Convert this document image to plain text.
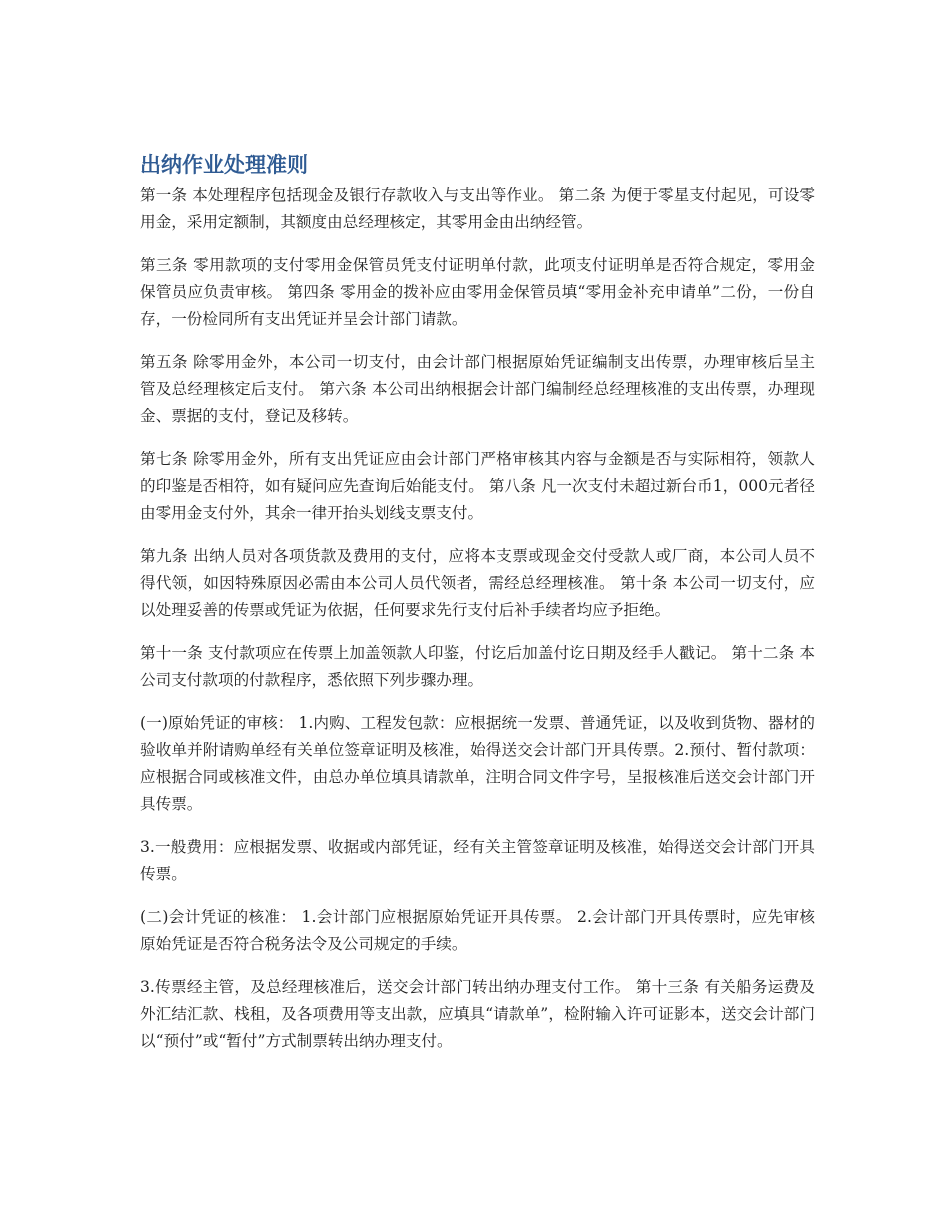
出纳作业处理准则

第一条 本处理程序包括现金及银行存款收入与支出等作业。 第二条 为便于零星支付起见，可设零用金，采用定额制，其额度由总经理核定，其零用金由出纳经管。

第三条 零用款项的支付零用金保管员凭支付证明单付款，此项支付证明单是否符合规定，零用金保管员应负责审核。 第四条 零用金的拨补应由零用金保管员填“零用金补充申请单”二份，一份自存，一份检同所有支出凭证并呈会计部门请款。

第五条 除零用金外，本公司一切支付，由会计部门根据原始凭证编制支出传票，办理审核后呈主管及总经理核定后支付。 第六条 本公司出纳根据会计部门编制经总经理核准的支出传票，办理现金、票据的支付，登记及移转。

第七条 除零用金外，所有支出凭证应由会计部门严格审核其内容与金额是否与实际相符，领款人的印鉴是否相符，如有疑问应先查询后始能支付。 第八条 凡一次支付未超过新台币1，000元者径由零用金支付外，其余一律开抬头划线支票支付。

第九条 出纳人员对各项货款及费用的支付，应将本支票或现金交付受款人或厂商，本公司人员不得代领，如因特殊原因必需由本公司人员代领者，需经总经理核准。 第十条 本公司一切支付，应以处理妥善的传票或凭证为依据，任何要求先行支付后补手续者均应予拒绝。

第十一条 支付款项应在传票上加盖领款人印鉴，付讫后加盖付讫日期及经手人戳记。 第十二条 本公司支付款项的付款程序，悉依照下列步骤办理。

(一)原始凭证的审核： 1.内购、工程发包款：应根据统一发票、普通凭证，以及收到货物、器材的验收单并附请购单经有关单位签章证明及核准，始得送交会计部门开具传票。2.预付、暂付款项：应根据合同或核准文件，由总办单位填具请款单，注明合同文件字号，呈报核准后送交会计部门开具传票。

3.一般费用：应根据发票、收据或内部凭证，经有关主管签章证明及核准，始得送交会计部门开具传票。

(二)会计凭证的核准： 1.会计部门应根据原始凭证开具传票。 2.会计部门开具传票时，应先审核原始凭证是否符合税务法令及公司规定的手续。

3.传票经主管，及总经理核准后，送交会计部门转出纳办理支付工作。 第十三条 有关船务运费及外汇结汇款、栈租，及各项费用等支出款，应填具“请款单”，检附输入许可证影本，送交会计部门以“预付”或“暂付”方式制票转出纳办理支付。
